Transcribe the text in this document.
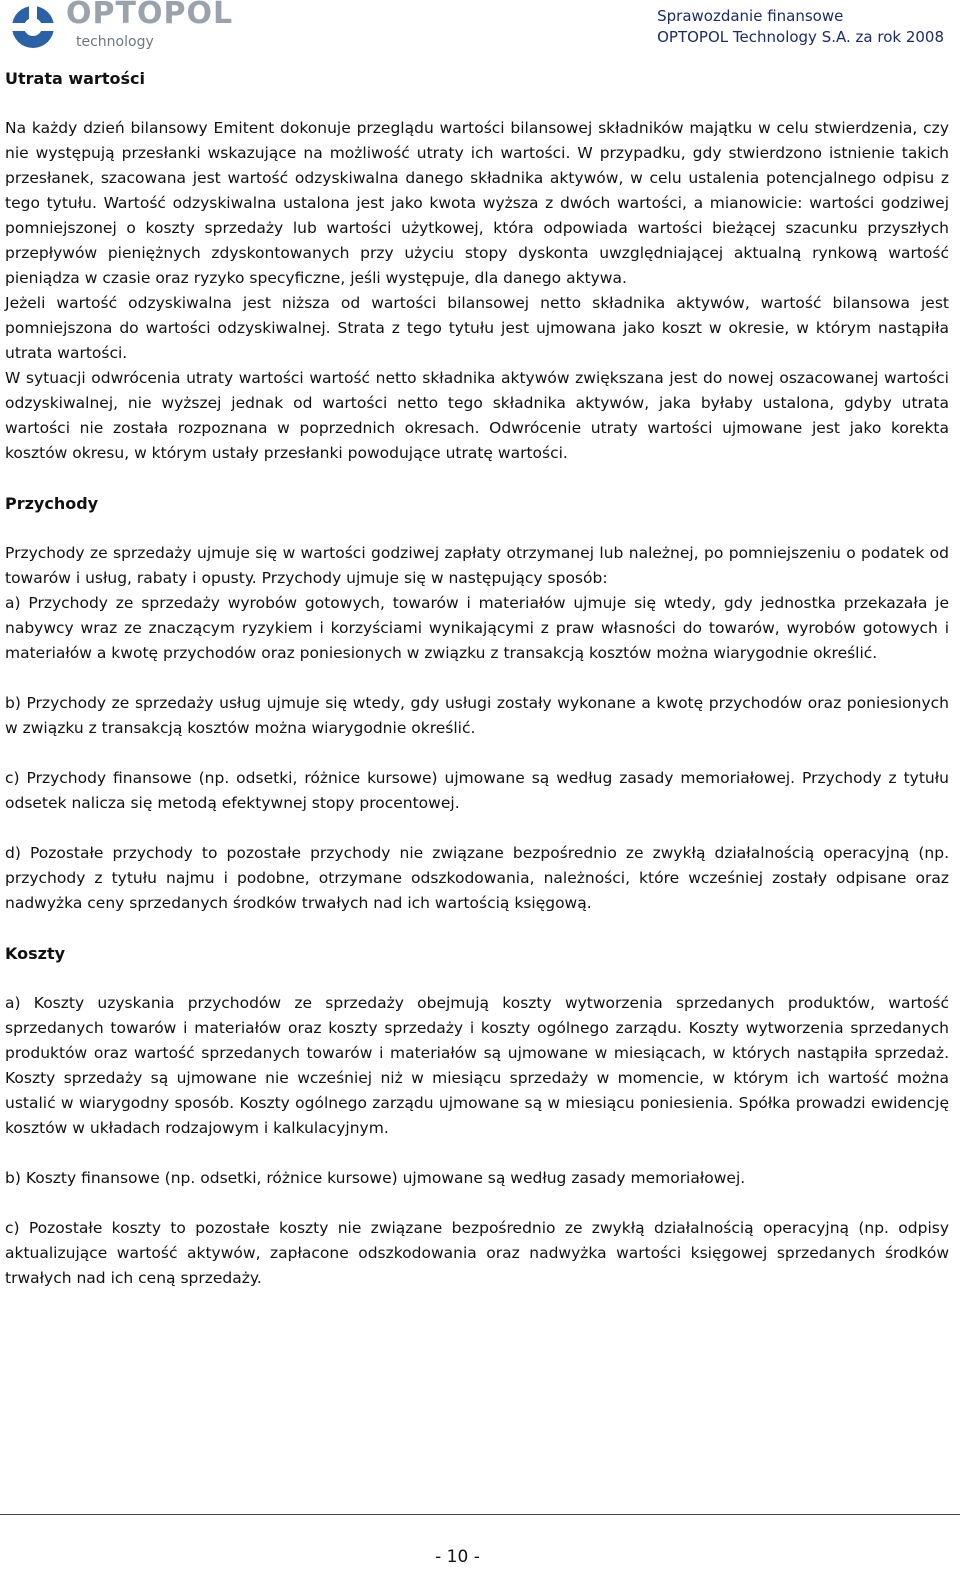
OPTOPOL
technology
Sprawozdanie finansowe
OPTOPOL Technology S.A. za rok 2008
Utrata wartości

Na każdy dzień bilansowy Emitent dokonuje przeglądu wartości bilansowej składników majątku w celu stwierdzenia, czy nie występują przesłanki wskazujące na możliwość utraty ich wartości. W przypadku, gdy stwierdzono istnienie takich przesłanek, szacowana jest wartość odzyskiwalna danego składnika aktywów, w celu ustalenia potencjalnego odpisu z tego tytułu. Wartość odzyskiwalna ustalona jest jako kwota wyższa z dwóch wartości, a mianowicie: wartości godziwej pomniejszonej o koszty sprzedaży lub wartości użytkowej, która odpowiada wartości bieżącej szacunku przyszłych przepływów pieniężnych zdyskontowanych przy użyciu stopy dyskonta uwzględniającej aktualną rynkową wartość pieniądza w czasie oraz ryzyko specyficzne, jeśli występuje, dla danego aktywa.

Jeżeli wartość odzyskiwalna jest niższa od wartości bilansowej netto składnika aktywów, wartość bilansowa jest pomniejszona do wartości odzyskiwalnej. Strata z tego tytułu jest ujmowana jako koszt w okresie, w którym nastąpiła utrata wartości.

W sytuacji odwrócenia utraty wartości wartość netto składnika aktywów zwiększana jest do nowej oszacowanej wartości odzyskiwalnej, nie wyższej jednak od wartości netto tego składnika aktywów, jaka byłaby ustalona, gdyby utrata wartości nie została rozpoznana w poprzednich okresach. Odwrócenie utraty wartości ujmowane jest jako korekta kosztów okresu, w którym ustały przesłanki powodujące utratę wartości.

Przychody

Przychody ze sprzedaży ujmuje się w wartości godziwej zapłaty otrzymanej lub należnej, po pomniejszeniu o podatek od towarów i usług, rabaty i opusty. Przychody ujmuje się w następujący sposób:

a) Przychody ze sprzedaży wyrobów gotowych, towarów i materiałów ujmuje się wtedy, gdy jednostka przekazała je nabywcy wraz ze znaczącym ryzykiem i korzyściami wynikającymi z praw własności do towarów, wyrobów gotowych i materiałów a kwotę przychodów oraz poniesionych w związku z transakcją kosztów można wiarygodnie określić.

b) Przychody ze sprzedaży usług ujmuje się wtedy, gdy usługi zostały wykonane a kwotę przychodów oraz poniesionych w związku z transakcją kosztów można wiarygodnie określić.

c) Przychody finansowe (np. odsetki, różnice kursowe) ujmowane są według zasady memoriałowej. Przychody z tytułu odsetek nalicza się metodą efektywnej stopy procentowej.

d) Pozostałe przychody to pozostałe przychody nie związane bezpośrednio ze zwykłą działalnością operacyjną (np. przychody z tytułu najmu i podobne, otrzymane odszkodowania, należności, które wcześniej zostały odpisane oraz nadwyżka ceny sprzedanych środków trwałych nad ich wartością księgową.

Koszty

a) Koszty uzyskania przychodów ze sprzedaży obejmują koszty wytworzenia sprzedanych produktów, wartość sprzedanych towarów i materiałów oraz koszty sprzedaży i koszty ogólnego zarządu. Koszty wytworzenia sprzedanych produktów oraz wartość sprzedanych towarów i materiałów są ujmowane w miesiącach, w których nastąpiła sprzedaż. Koszty sprzedaży są ujmowane nie wcześniej niż w miesiącu sprzedaży w momencie, w którym ich wartość można ustalić w wiarygodny sposób. Koszty ogólnego zarządu ujmowane są w miesiącu poniesienia. Spółka prowadzi ewidencję kosztów w układach rodzajowym i kalkulacyjnym.

b) Koszty finansowe (np. odsetki, różnice kursowe) ujmowane są według zasady memoriałowej.

c) Pozostałe koszty to pozostałe koszty nie związane bezpośrednio ze zwykłą działalnością operacyjną (np. odpisy aktualizujące wartość aktywów, zapłacone odszkodowania oraz nadwyżka wartości księgowej sprzedanych środków trwałych nad ich ceną sprzedaży.

- 10 -
